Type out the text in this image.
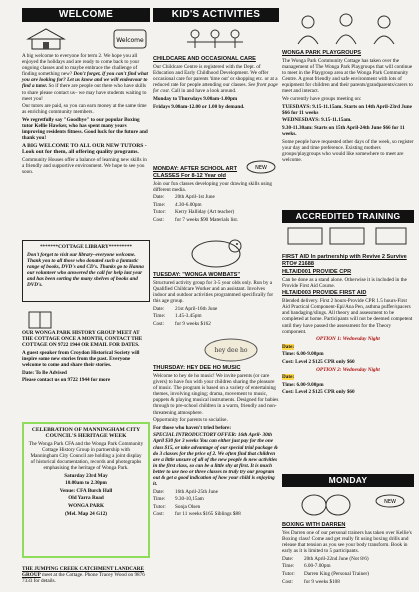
WELCOME
Welcome

A big welcome to everyone for term 2. We hope you all enjoyed the holidays and are ready to come back to your ongoing classes and to maybe embrace the challenge of finding something new? Don't forget, if you can't find what you are looking for? Let us know and we will endeavour to find a tutor. So if there are people out there who have skills to share please contact us– we may have students waiting to meet you!

Our tutors are paid, so you can earn money at the same time as enriching community members.

We regretfully say "Goodbye" to our popular Boxing tutor Kellie Hawker, who has spent many years improving residents fitness. Good luck for the future and thank you!

A BIG WELCOME TO ALL OUR NEW TUTORS -Look out for them, all offering quality programs.

Community Houses offer a balance of learning new skills in a friendly and supportive environment. We hope to see you soon.

*******COTTAGE LIBRARY*********

Don't forget to visit our library–everyone welcome. Thank you to all those who donated such a fantastic range of books, DVD's and CD's. Thanks go to Hanna our volunteer who answered the call for help last year and has been sorting the many shelves of books and DVD's.

OUR WONGA PARK HISTORY GROUP MEET AT THE COTTAGE ONCE A MONTH, CONTACT THE COTTAGE ON 9722 1944 OR EMAIL FOR DATES.

A guest speaker from Croydon Historical Society will inspire some new stories from the past. Everyone welcome to come and share their stories.

Date: To Be Advised

Please contact us on 9722 1944 for more

CELEBRATION OF MANNINGHAM CITY COUNCIL'S HERITAGE WEEK

The Wonga Park CFA and the Wonga Park Community Cottage History Group in partnership with Manningham City Council are holding a joint display of historical documentation, records and photographs emphasising the heritage of Wonga Park.

Saturday 23rd May

10.00am to 2.30pm

Venue: CFA Burch Hall

Old Yarra Road

WONGA PARK

(Mel. Map 24 G12)

THE JUMPING CREEK CATCHMENT LANDCARE GROUP meet at the Cottage. Phone Tracey Wood on 9876 7333 for details.

KID'S ACTIVITIES

CHILDCARE AND OCCASIONAL CARE

Our Childcare Centre is registered with the Dept. of Education and Early Childhood Development. We offer occasional care for parents 'time out' or shopping etc. or at a reduced rate for people attending our classes. See front page for cost. Call in and have a look around.

Monday to Thursdays 9.00am-1.00pm

Fridays 9.00am-12.00 or 1.00 by demand.

NEW

MONDAY: AFTER SCHOOL ART CLASSES For 8-12 Year old

Join our fun classes developing your drawing skills using different media.

Date:	20th April-1st June

Time:	4.30-6.00pm

Tutor:	Kerry Halliday (Art teacher)

Cost:	for 7 weeks $90 Materials list.

TUESDAY: "WONGA WOMBATS"

Structured activity group for 3-5 year olds only. Run by a Qualified Childcare Worker and an assistant. Involves indoor and outdoor activities programmed specifically for this age group.

Date:	21st April-16th June

Time:	1.45-3.45pm

Cost:	for 9 weeks $162

hey dee ho

THURSDAY: HEY DEE HO MUSIC

Welcome to hey de ho music! We invite parents (or care givers) to have fun with your children sharing the pleasure of music. The program is based on a variety of entertaining themes, involving singing; drama, movement to music, puppets & playing musical instruments. Designed for babies through to pre-school children in a warm, friendly and non-threatening atmosphere.

Opportunity for parents to socialise.

For those who haven't tried before:

SPECIAL INTRODUCTORY OFFER: 16th April- 30th April $30 for 3 weeks You can either just pay for the one class $15, or take advantage of our special trial package & do 3 classes for the price of 2. We often find that children are a little unsure of all of the new people & new activities in the first class, so can be a little shy at first. It is much better to use two or three classes to truly try our program out & get a good indication of how your child is enjoying it.

Date:	16th April-25th June

Time:	9.30-10,15am

Tutor:	Sonja Olsen

Cost:	for 11 weeks $165 Siblings $88

WONGA PARK PLAYGROUPS

The Wonga Park Community Cottage has taken over the management of The Wonga Park Playgroups that will continue to meet in the Playgroup area at the Wonga Park Community Centre. A great friendly and safe environment with lots of equipment for children and their parents/grandparents/carers to meet and interact.

We currently have groups meeting on:

TUESDAYS: 9.15-11.15am. Starts on 14th April-23rd June $66 for 11 weeks

WEDNESDAYS: 9.15-11.15am.

9.30-11.30am: Starts on 15th April-24th June $66 for 11 weeks.

Some people have requested other days of the week, so register your day and time preference. Existing mothers groups/playgroups who would like somewhere to meet are welcome.

ACCREDITED TRAINING

FIRST AID In partnership with Revive 2 Survive RTO# 21688

HLTAID001 PROVIDE CPR

Can be done as a stand alone. Otherwise it is included in the Provide First Aid Course.

HLTAID003 PROVIDE FIRST AID

Blended delivery. First 2 hours-Provide CPR 1.5 hours-First Aid Practical Component-Epi/Ana Pen, asthma puffer/spacers and bandaging/slings. All theory and assessment to be completed at home. Participants will not be deemed competent until they have passed the assessment for the Theory component.

OPTION 1: Wednesday Night

Date:

Time: 6.00-9.00pm

Cost: Level 2 $125 CPR only $60

OPTION 2: Wednesday Night

Date:

Time: 6.00-9.00pm

Cost: Level 2 $125 CPR only $60

MONDAY
NEW

BOXING WITH DARREN

Yes Darren one of our personal trainers has taken over Kellie's Boxing class! Come and get really fit using boxing drills and release that tension as you see your body transform. Book in early as it is limited to 5 participants.

Date:	20th April-22nd June (Not 8/6)

Time:	6.00-7.00pm

Tutor:	Darren King (Personal Trainer)

Cost:	for 9 weeks $108
